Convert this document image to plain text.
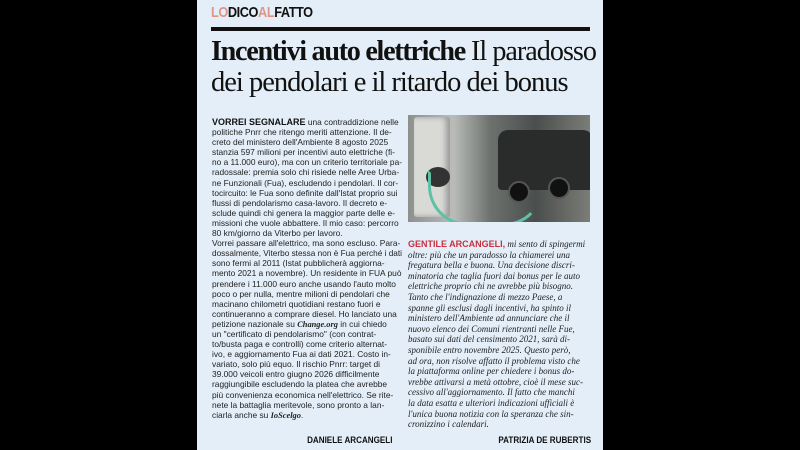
LODICOALFATTO
Incentivi auto elettriche Il paradosso
dei pendolari e il ritardo dei bonus
VORREI SEGNALARE una contraddizione nelle
politiche Pnrr che ritengo meriti attenzione. Il de-
creto del ministero dell'Ambiente 8 agosto 2025
stanzia 597 milioni per incentivi auto elettriche (fi-
no a 11.000 euro), ma con un criterio territoriale pa-
radossale: premia solo chi risiede nelle Aree Urba-
ne Funzionali (Fua), escludendo i pendolari. Il cor-
tocircuito: le Fua sono definite dall'Istat proprio sui
flussi di pendolarismo casa-lavoro. Il decreto e-
sclude quindi chi genera la maggior parte delle e-
missioni che vuole abbattere. Il mio caso: percorro
80 km/giorno da Viterbo per lavoro.
Vorrei passare all'elettrico, ma sono escluso. Para-
dossalmente, Viterbo stessa non è Fua perché i dati
sono fermi al 2011 (Istat pubblicherà aggiorna-
mento 2021 a novembre). Un residente in FUA può
prendere i 11.000 euro anche usando l'auto molto
poco o per nulla, mentre milioni di pendolari che
macinano chilometri quotidiani restano fuori e
continueranno a comprare diesel. Ho lanciato una
petizione nazionale su Change.org in cui chiedo
un "certificato di pendolarismo" (con contrat-
to/busta paga e controlli) come criterio alternat-
ivo, e aggiornamento Fua ai dati 2021. Costo in-
variato, solo più equo. Il rischio Pnrr: target di
39.000 veicoli entro giugno 2026 difficilmente
raggiungibile escludendo la platea che avrebbe
più convenienza economica nell'elettrico. Se rite-
nete la battaglia meritevole, sono pronto a lan-
ciarla anche su IoScelgo.
DANIELE ARCANGELI
GENTILE ARCANGELI, mi sento di spingermi
oltre: più che un paradosso la chiamerei una
fregatura bella e buona. Una decisione discri-
minatoria che taglia fuori dai bonus per le auto
elettriche proprio chi ne avrebbe più bisogno.
Tanto che l'indignazione di mezzo Paese, a
spanne gli esclusi dagli incentivi, ha spinto il
ministero dell'Ambiente ad annunciare che il
nuovo elenco dei Comuni rientranti nelle Fue,
basato sui dati del censimento 2021, sarà di-
sponibile entro novembre 2025. Questo però,
ad ora, non risolve affatto il problema visto che
la piattaforma online per chiedere i bonus do-
vrebbe attivarsi a metà ottobre, cioè il mese suc-
cessivo all'aggiornamento. Il fatto che manchi
la data esatta e ulteriori indicazioni ufficiali è
l'unica buona notizia con la speranza che sin-
cronizzino i calendari.
PATRIZIA DE RUBERTIS
